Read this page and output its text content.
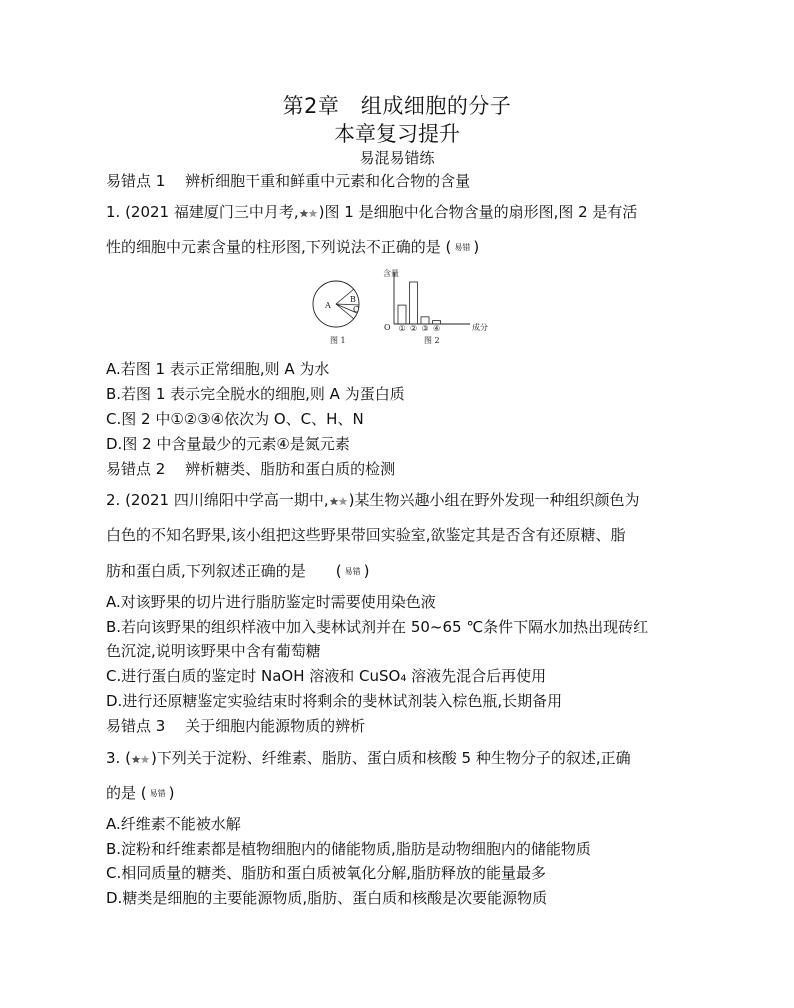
第2章　组成细胞的分子
本章复习提升
易混易错练
易错点 1　 辨析细胞干重和鲜重中元素和化合物的含量
1. (2021 福建厦门三中月考, )图 1 是细胞中化合物含量的扇形图,图 2 是有活
性的细胞中元素含量的柱形图,下列说法不正确的是 ( 易错 )
A
B
C
图 1
含量
O	成分
① ② ③ ④
图 2
A.若图 1 表示正常细胞,则 A 为水
B.若图 1 表示完全脱水的细胞,则 A 为蛋白质
C.图 2 中①②③④依次为 O、C、H、N
D.图 2 中含量最少的元素④是氮元素
易错点 2　 辨析糖类、脂肪和蛋白质的检测
2. (2021 四川绵阳中学高一期中, )某生物兴趣小组在野外发现一种组织颜色为
白色的不知名野果,该小组把这些野果带回实验室,欲鉴定其是否含有还原糖、脂
肪和蛋白质,下列叙述正确的是　　( 易错 )
A.对该野果的切片进行脂肪鉴定时需要使用染色液
B.若向该野果的组织样液中加入斐林试剂并在 50~65 ℃条件下隔水加热出现砖红
色沉淀,说明该野果中含有葡萄糖
C.进行蛋白质的鉴定时 NaOH 溶液和 CuSO₄ 溶液先混合后再使用
D.进行还原糖鉴定实验结束时将剩余的斐林试剂装入棕色瓶,长期备用
易错点 3　 关于细胞内能源物质的辨析
3. ( )下列关于淀粉、纤维素、脂肪、蛋白质和核酸 5 种生物分子的叙述,正确
的是 ( 易错 )
A.纤维素不能被水解
B.淀粉和纤维素都是植物细胞内的储能物质,脂肪是动物细胞内的储能物质
C.相同质量的糖类、脂肪和蛋白质被氧化分解,脂肪释放的能量最多
D.糖类是细胞的主要能源物质,脂肪、蛋白质和核酸是次要能源物质
